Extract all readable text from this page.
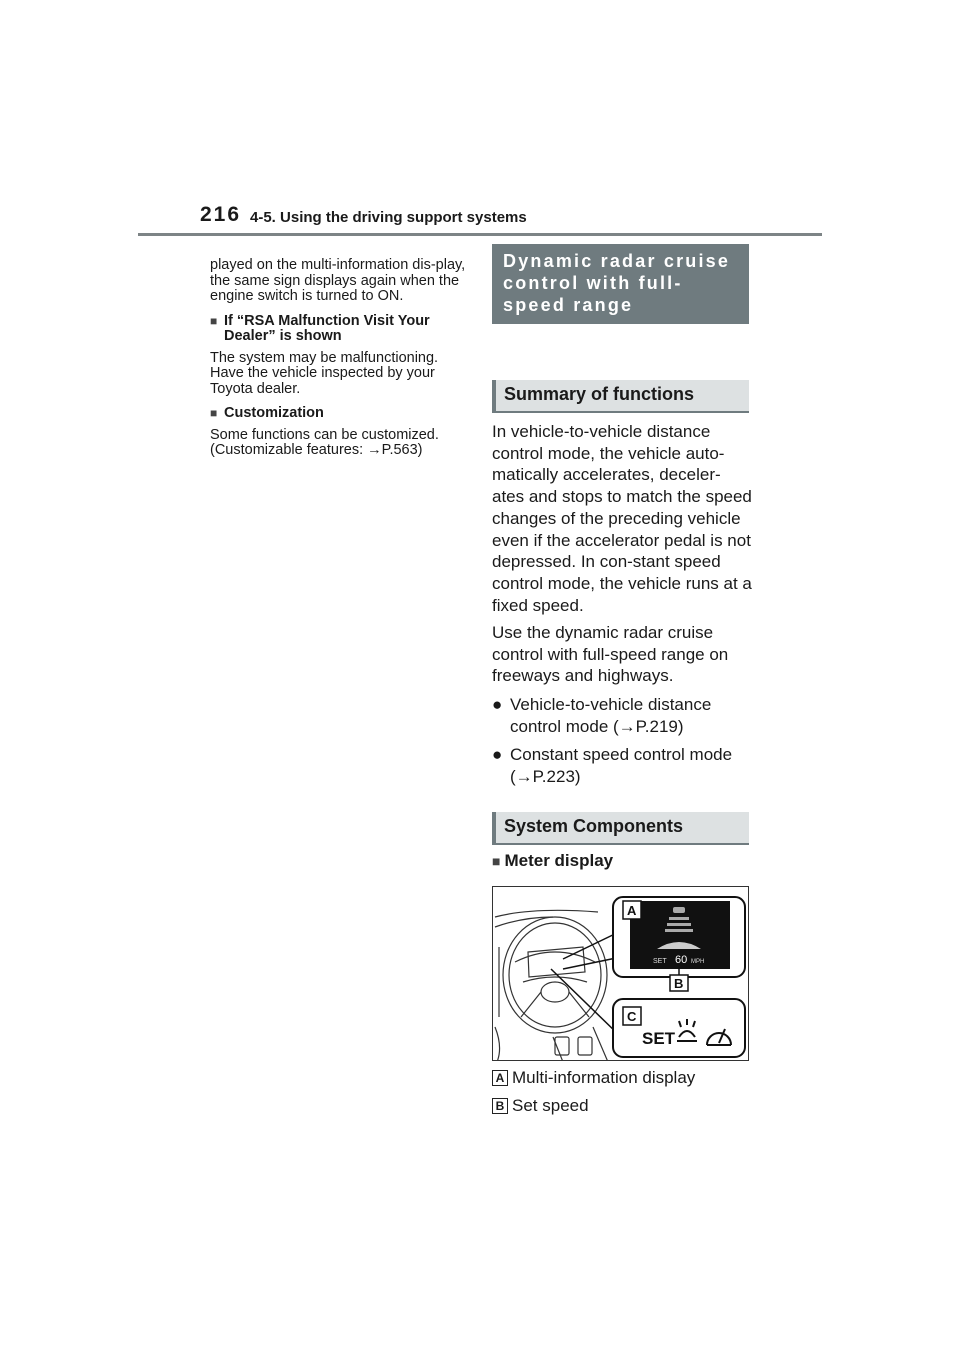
216 4-5. Using the driving support systems

played on the multi-information dis-play, the same sign displays again when the engine switch is turned to ON.

■ If “RSA Malfunction Visit Your Dealer” is shown

The system may be malfunctioning. Have the vehicle inspected by your Toyota dealer.

■ Customization

Some functions can be customized. (Customizable features: →P.563)

Dynamic radar cruise control with full-speed range
Summary of functions

In vehicle-to-vehicle distance control mode, the vehicle auto-matically accelerates, deceler-ates and stops to match the speed changes of the preceding vehicle even if the accelerator pedal is not depressed. In con-stant speed control mode, the vehicle runs at a fixed speed.

Use the dynamic radar cruise control with full-speed range on freeways and highways.

● Vehicle-to-vehicle distance control mode (→P.219)
● Constant speed control mode (→P.223)
System Components
■ Meter display
SET 60 MPH
A
B
C
SET
A Multi-information display
B Set speed
